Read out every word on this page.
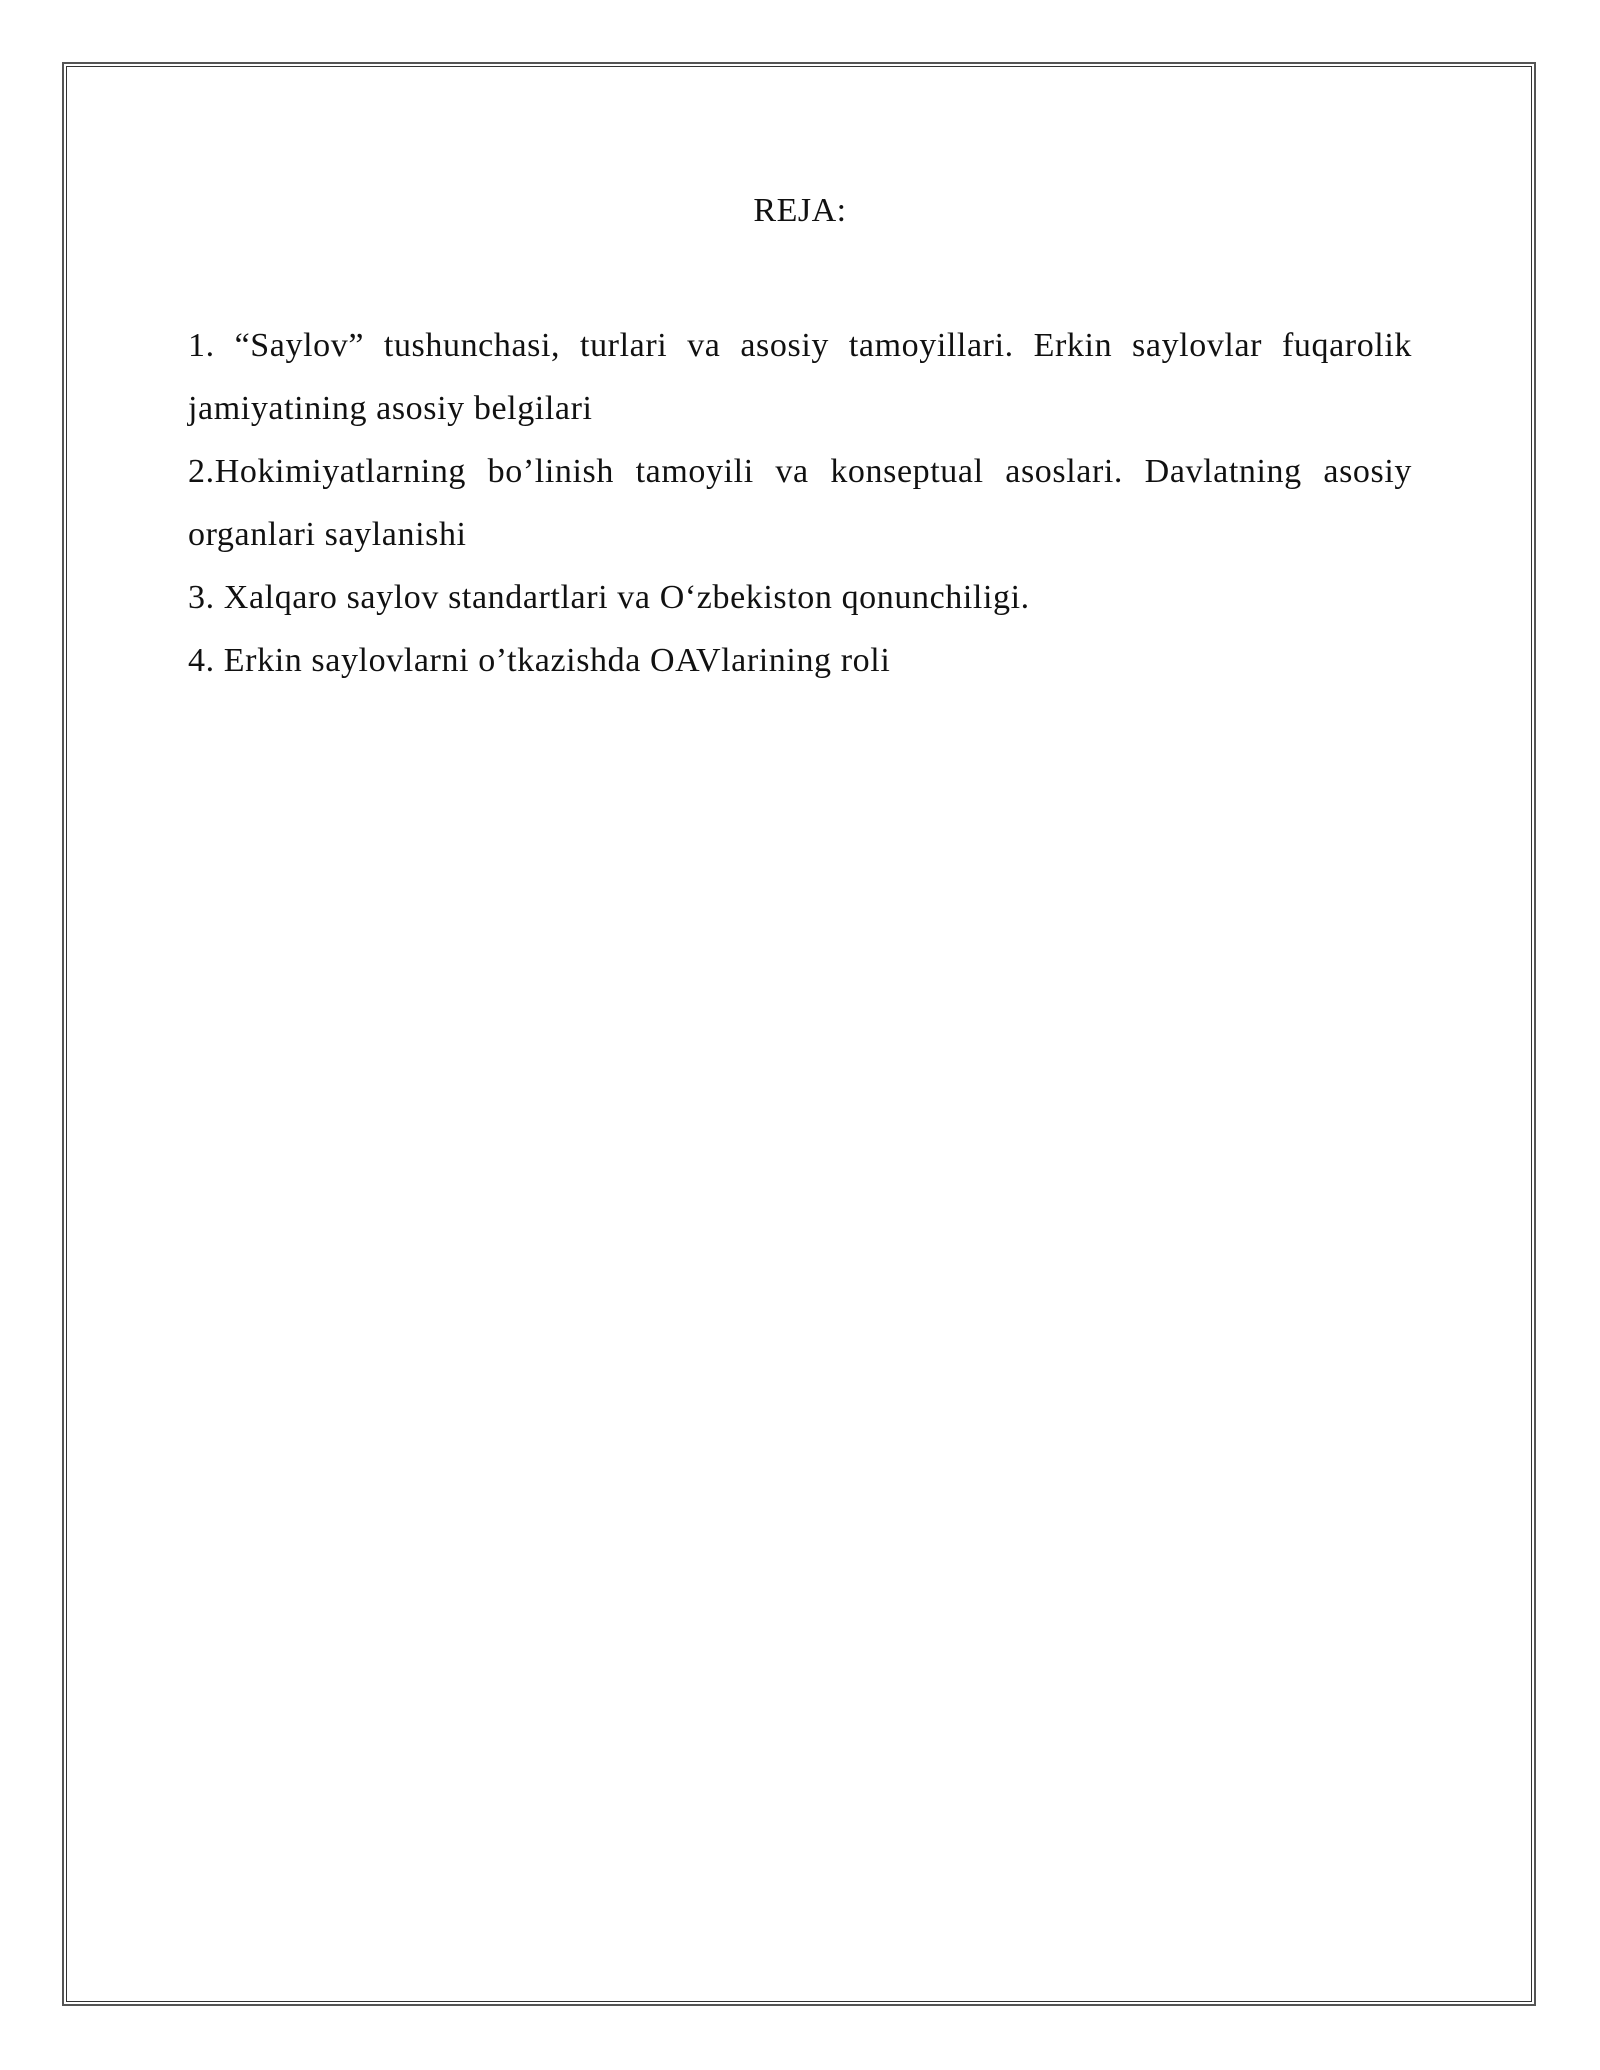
REJA:
1. “Saylov” tushunchasi, turlari va asosiy tamoyillari. Erkin saylovlar fuqarolik jamiyatining asosiy belgilari
2.Hokimiyatlarning bo’linish tamoyili va konseptual asoslari. Davlatning asosiy organlari saylanishi
3. Xalqaro saylov standartlari va O‘zbekiston qonunchiligi.
4. Erkin saylovlarni o’tkazishda OAVlarining roli
